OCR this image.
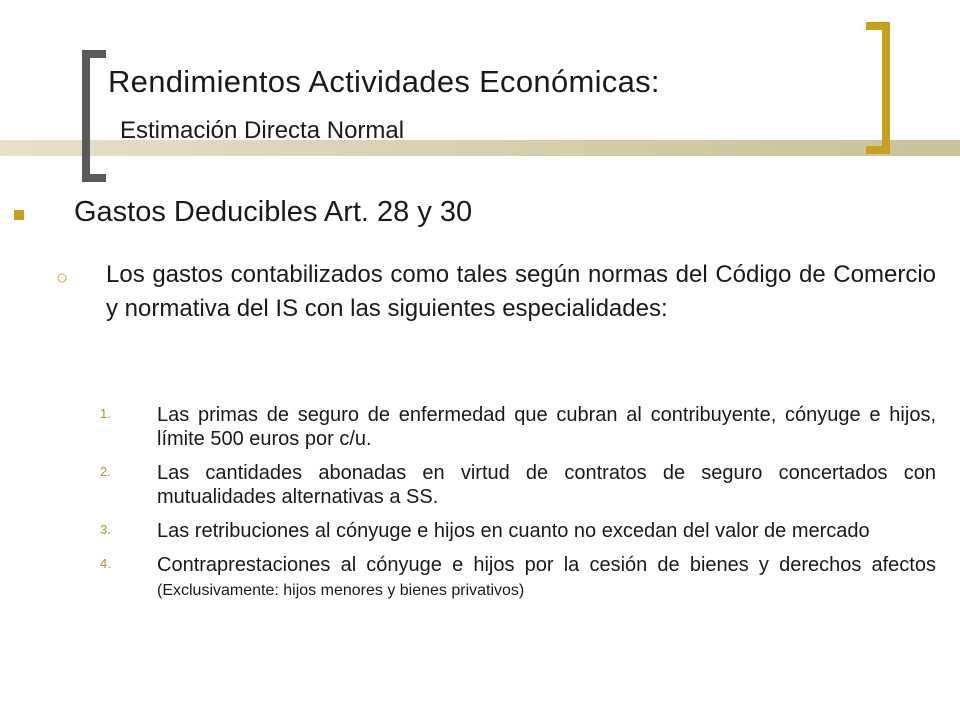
Rendimientos Actividades Económicas:
Estimación Directa Normal
Gastos Deducibles Art. 28 y 30
○ Los gastos contabilizados como tales según normas del Código de Comercio y normativa del IS con las siguientes especialidades:
1. Las primas de seguro de enfermedad que cubran al contribuyente, cónyuge e hijos, límite 500 euros por c/u.
2. Las cantidades abonadas en virtud de contratos de seguro concertados con mutualidades alternativas a SS.
3. Las retribuciones al cónyuge e hijos en cuanto no excedan del valor de mercado
4. Contraprestaciones al cónyuge e hijos por la cesión de bienes y derechos afectos (Exclusivamente: hijos menores y bienes privativos)
